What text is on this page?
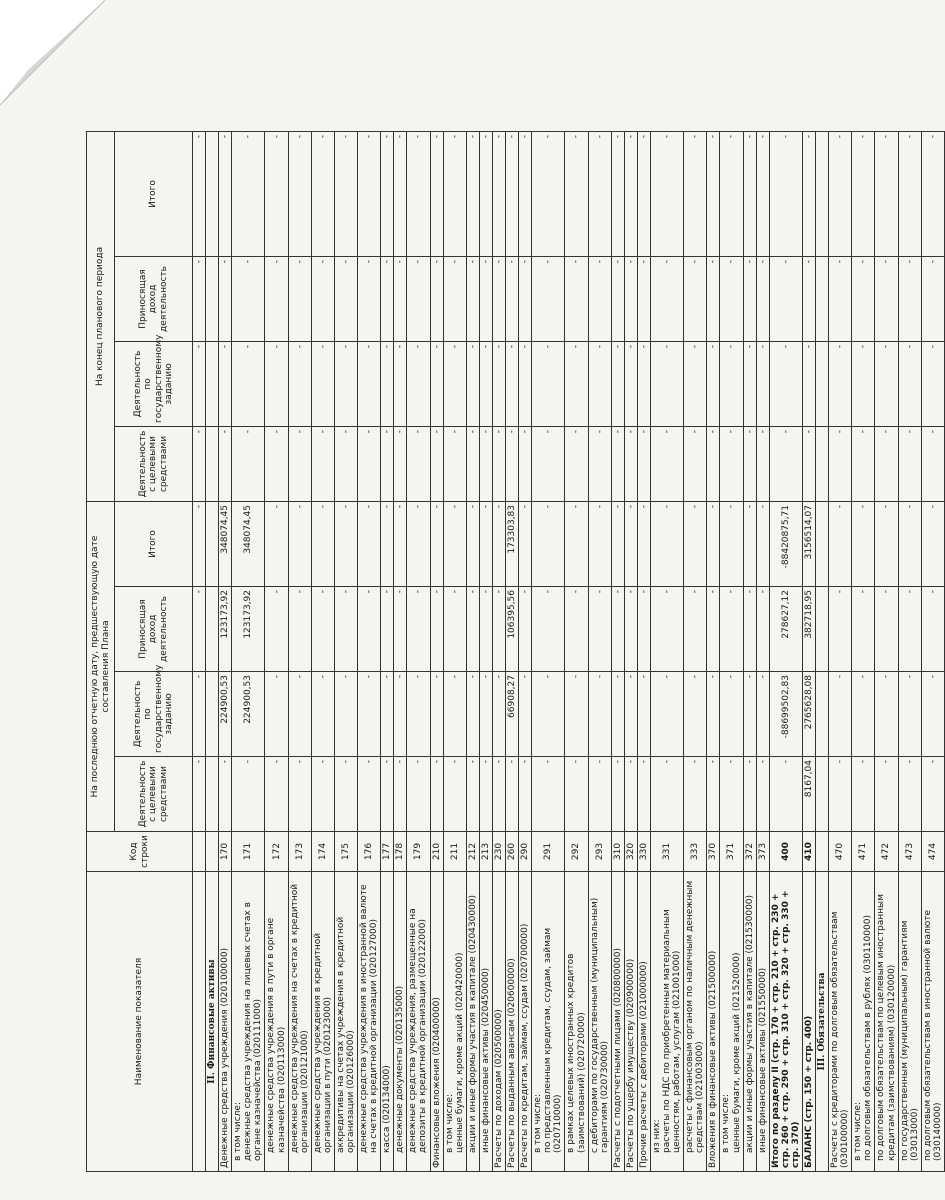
Наименование показателя	Код строки	На последнюю отчетную дату, предшествующую дате составления Плана				На конец планового периода				
		Деятельность с целевыми средствами	Деятельность по государственному заданию	Приносящая доход деятельность	Итого	Деятельность с целевыми средствами	Деятельность по государственному заданию	Приносящая доход деятельность	Итого	
		-	-	-	-	-	-	-	-		
II. Финансовые активы										
Денежные средства учреждения (020100000)	170	-	224900,53	123173,92	348074,45	-	-	-	-	
в том числе:
денежные средства учреждения на лицевых счетах в органе казначейства (020111000)	171	-	224900,53	123173,92	348074,45	-	-	-	-	
денежные средства учреждения в пути в органе казначейства (020113000)	172	-	-	-	-	-	-	-	-	
денежные средства учреждения на счетах в кредитной организации (020121000)	173	-	-	-	-	-	-	-	-	
денежные средства учреждения в кредитной организации в пути (020123000)	174	-	-	-	-	-	-	-	-	
аккредитивы на счетах учреждения в кредитной организации (020126000)	175	-	-	-	-	-	-	-	-	
денежные средства учреждения в иностранной валюте на счетах в кредитной организации (020127000)	176	-	-	-	-	-	-	-	-	
касса (020134000)	177	-	-	-	-	-	-	-	-	
денежные документы (020135000)	178	-	-	-	-	-	-	-	-	
денежные средства учреждения, размещенные на депозиты в кредитной организации (020122000)	179	-	-	-	-	-	-	-	-	
Финансовые вложения (020400000)	210	-	-	-	-	-	-	-	-	
в том числе:
ценные бумаги, кроме акций (020420000)	211	-	-	-	-	-	-	-	-	
акции и иные формы участия в капитале (020430000)	212	-	-	-	-	-	-	-	-	
иные финансовые активы (020450000)	213	-	-	-	-	-	-	-	-	
Расчеты по доходам (020500000)	230	-	-	-	-	-	-	-	-	
Расчеты по выданным авансам (020600000)	260	-	66908,27	106395,56	173303,83	-	-	-	-	
Расчеты по кредитам, займам, ссудам (020700000)	290	-	-	-	-	-	-	-	-	
в том числе:
по представленным кредитам, ссудам, займам (020710000)	291	-	-	-	-	-	-	-	-	
в рамках целевых иностранных кредитов (заимствований) (020720000)	292	-	-	-	-	-	-	-	-	
с дебиторами по государственным (муниципальным) гарантиям (020730000)	293	-	-	-	-	-	-	-	-	
Расчеты с подотчетными лицами (020800000)	310	-	-	-	-	-	-	-	-	
Расчеты по ущербу имуществу (020900000)	320	-	-	-	-	-	-	-	-	
Прочие расчеты с дебиторами (021000000)	330	-	-	-	-	-	-	-	-	
из них:
расчеты по НДС по приобретенным материальным ценностям, работам, услугам (021001000)	331	-	-	-	-	-	-	-	-	
расчеты с финансовым органом по наличным денежным средствам (021003000)	333	-	-	-	-	-	-	-	-	
Вложения в финансовые активы (021500000)	370	-	-	-	-	-	-	-	-	
в том числе:
ценные бумаги, кроме акций (021520000)	371	-	-	-	-	-	-	-	-	
акции и иные формы участия в капитале (021530000)	372	-	-	-	-	-	-	-	-	
иные финансовые активы (021550000)	373	-	-	-	-	-	-	-	-	
Итого по разделу II (стр. 170 + стр. 210 + стр. 230 + стр. 260 + стр. 290 + стр. 310 + стр. 320 + стр. 330 + стр. 370)	400	-	-88699502,83	278627,12	-88420875,71	-	-	-	-	
БАЛАНС (стр. 150 + стр. 400)	410	8167,04	2765628,08	382718,95	3156514,07	-	-	-	-	
III. Обязательства										
Расчеты с кредиторами по долговым обязательствам (030100000)	470	-	-	-	-	-	-	-	-	
в том числе:
по долговым обязательствам в рублях (030110000)	471	-	-	-	-	-	-	-	-	
по долговым обязательствам по целевым иностранным кредитам (заимствованиям) (030120000)	472	-	-	-	-	-	-	-	-	
по государственным (муниципальным) гарантиям (03013000)	473	-	-	-	-	-	-	-	-	
по долговым обязательствам в иностранной валюте (030140000)	474	-	-	-	-	-	-	-	-	
